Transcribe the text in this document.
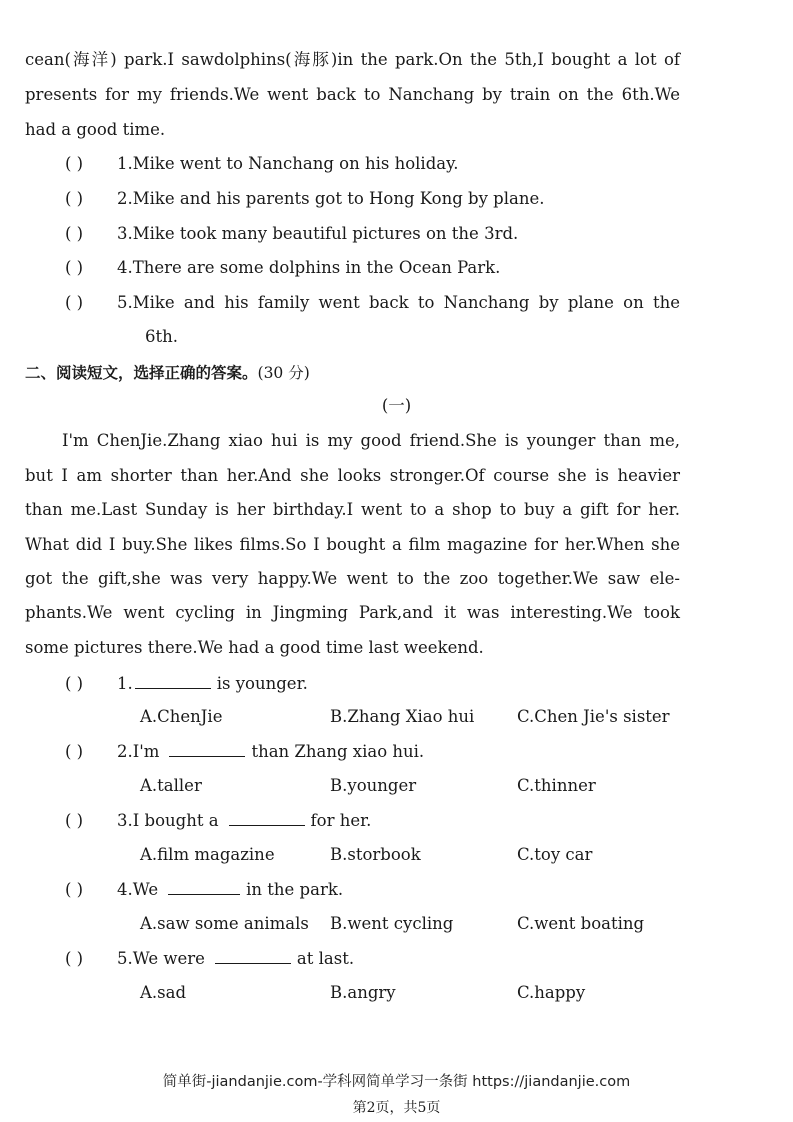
cean(海洋) park.I sawdolphins(海豚)in the park.On the 5th,I bought a lot of
presents for my friends.We went back to Nanchang by train on the 6th.We
had a good time.
( ) 1.Mike went to Nanchang on his holiday.
( ) 2.Mike and his parents got to Hong Kong by plane.
( ) 3.Mike took many beautiful pictures on the 3rd.
( ) 4.There are some dolphins in the Ocean Park.
( ) 5.Mike and his family went back to Nanchang by plane on the
6th.
二、阅读短文，选择正确的答案。(30 分)
(一)
I'm ChenJie.Zhang xiao hui is my good friend.She is younger than me,
but I am shorter than her.And she looks stronger.Of course she is heavier
than me.Last Sunday is her birthday.I went to a shop to buy a gift for her.
What did I buy.She likes films.So I bought a film magazine for her.When she
got the gift,she was very happy.We went to the zoo together.We saw ele-
phants.We went cycling in Jingming Park,and it was interesting.We took
some pictures there.We had a good time last weekend.
( ) 1.	is younger.
A.ChenJie	B.Zhang Xiao hui	C.Chen Jie's sister
( ) 2.I'm	than Zhang xiao hui.
A.taller	B.younger	C.thinner
( ) 3.I bought a	for her.
A.film magazine	B.storbook	C.toy car
( ) 4.We	in the park.
A.saw some animals B.went cycling	C.went boating
( ) 5.We were	at last.
A.sad	B.angry	C.happy
简单街-jiandanjie.com-学科网简单学习一条街 https://jiandanjie.com
第2页，共5页
